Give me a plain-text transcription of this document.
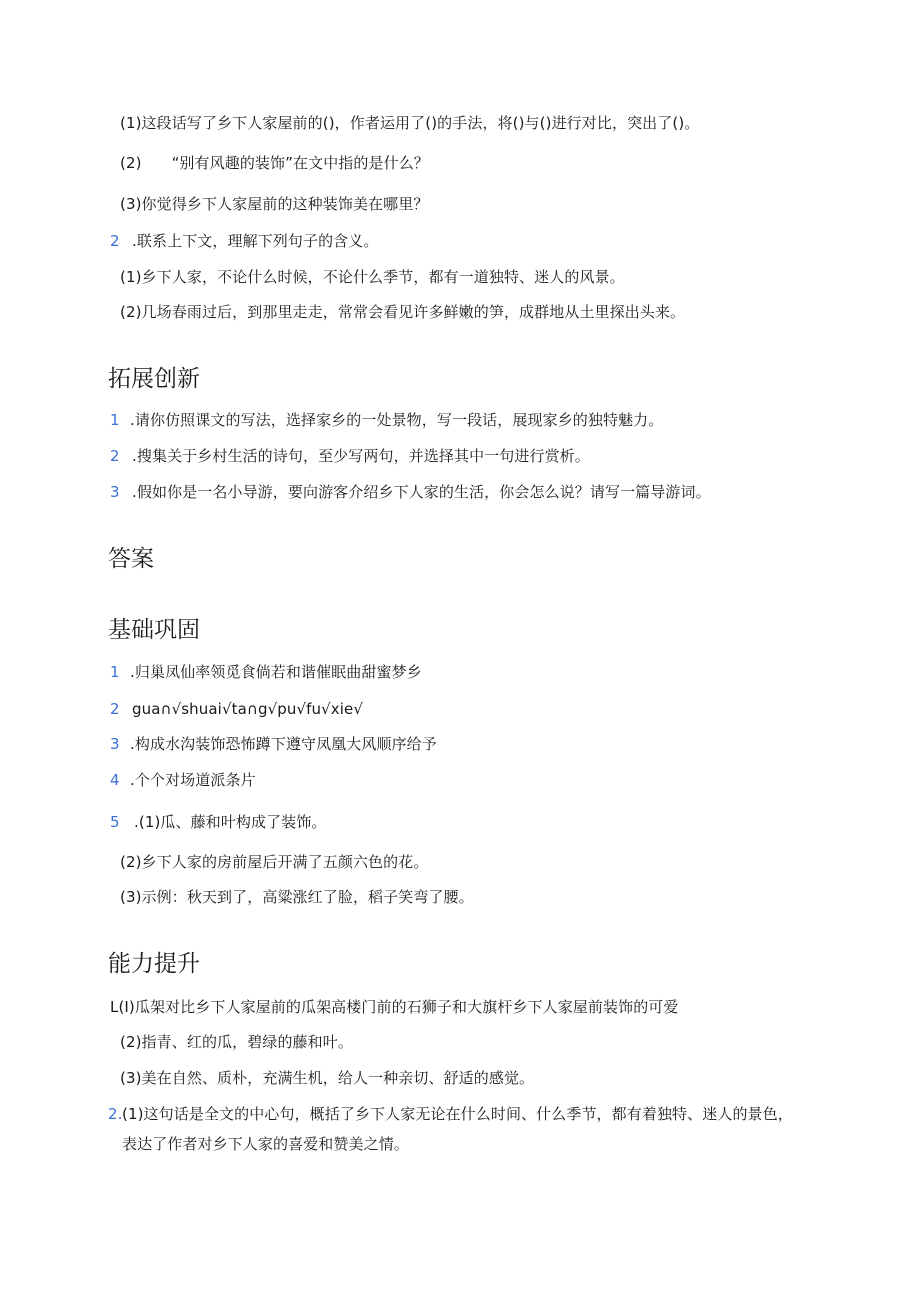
(1)这段话写了乡下人家屋前的()，作者运用了()的手法，将()与()进行对比，突出了()。
(2) “别有风趣的装饰”在文中指的是什么？
(3)你觉得乡下人家屋前的这种装饰美在哪里？
2 .联系上下文，理解下列句子的含义。
(1)乡下人家，不论什么时候，不论什么季节，都有一道独特、迷人的风景。
(2)几场春雨过后，到那里走走，常常会看见许多鲜嫩的笋，成群地从土里探出头来。
拓展创新
1 .请你仿照课文的写法，选择家乡的一处景物，写一段话，展现家乡的独特魅力。
2 .搜集关于乡村生活的诗句，至少写两句，并选择其中一句进行赏析。
3 .假如你是一名小导游，要向游客介绍乡下人家的生活，你会怎么说？请写一篇导游词。
答案
基础巩固
1 .归巢凤仙率领觅食倘若和谐催眠曲甜蜜梦乡
2 gua∩√shuai√ta∩g√pu√fu√xie√
3 .构成水沟装饰恐怖蹲下遵守凤凰大风顺序给予
4 .个个对场道派条片
5 .(1)瓜、藤和叶构成了装饰。
(2)乡下人家的房前屋后开满了五颜六色的花。
(3)示例：秋天到了，高粱涨红了脸，稻子笑弯了腰。
能力提升
L(I)瓜架对比乡下人家屋前的瓜架高楼门前的石狮子和大旗杆乡下人家屋前装饰的可爱
(2)指青、红的瓜，碧绿的藤和叶。
(3)美在自然、质朴，充满生机，给人一种亲切、舒适的感觉。
2.(1)这句话是全文的中心句，概括了乡下人家无论在什么时间、什么季节，都有着独特、迷人的景色，
表达了作者对乡下人家的喜爱和赞美之情。
